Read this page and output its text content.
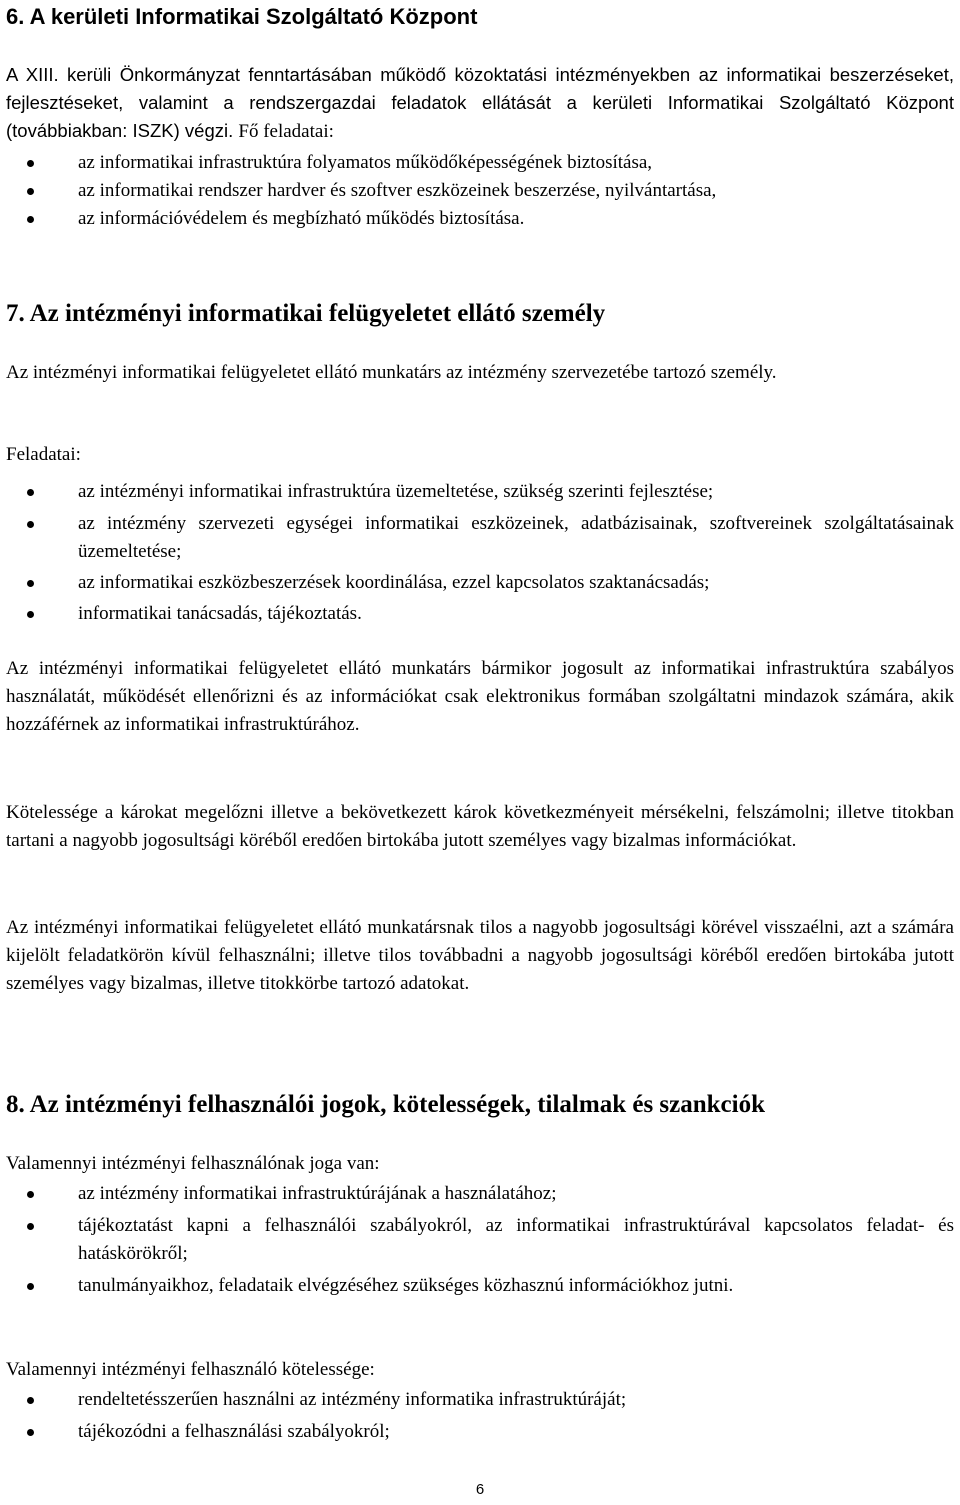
6. A kerületi Informatikai Szolgáltató Központ

A XIII. kerüli Önkormányzat fenntartásában működő közoktatási intézményekben az informatikai beszerzéseket, fejlesztéseket, valamint a rendszergazdai feladatok ellátását a kerületi Informatikai Szolgáltató Központ (továbbiakban: ISZK) végzi. Fő feladatai:

az informatikai infrastruktúra folyamatos működőképességének biztosítása,
az informatikai rendszer hardver és szoftver eszközeinek beszerzése, nyilvántartása,
az információvédelem és megbízható működés biztosítása.
7. Az intézményi informatikai felügyeletet ellátó személy

Az intézményi informatikai felügyeletet ellátó munkatárs az intézmény szervezetébe tartozó személy.

Feladatai:

az intézményi informatikai infrastruktúra üzemeltetése, szükség szerinti fejlesztése;
az intézmény szervezeti egységei informatikai eszközeinek, adatbázisainak, szoftvereinek szolgáltatásainak üzemeltetése;
az informatikai eszközbeszerzések koordinálása, ezzel kapcsolatos szaktanácsadás;
informatikai tanácsadás, tájékoztatás.

Az intézményi informatikai felügyeletet ellátó munkatárs bármikor jogosult az informatikai infrastruktúra szabályos használatát, működését ellenőrizni és az információkat csak elektronikus formában szolgáltatni mindazok számára, akik hozzáférnek az informatikai infrastruktúrához.

Kötelessége a károkat megelőzni illetve a bekövetkezett károk következményeit mérsékelni, felszámolni; illetve titokban tartani a nagyobb jogosultsági köréből eredően birtokába jutott személyes vagy bizalmas információkat.

Az intézményi informatikai felügyeletet ellátó munkatársnak tilos a nagyobb jogosultsági körével visszaélni, azt a számára kijelölt feladatkörön kívül felhasználni; illetve tilos továbbadni a nagyobb jogosultsági köréből eredően birtokába jutott személyes vagy bizalmas, illetve titokkörbe tartozó adatokat.

8. Az intézményi felhasználói jogok, kötelességek, tilalmak és szankciók

Valamennyi intézményi felhasználónak joga van:

az intézmény informatikai infrastruktúrájának a használatához;
tájékoztatást kapni a felhasználói szabályokról, az informatikai infrastruktúrával kapcsolatos feladat- és hatáskörökről;
tanulmányaikhoz, feladataik elvégzéséhez szükséges közhasznú információkhoz jutni.

Valamennyi intézményi felhasználó kötelessége:

rendeltetésszerűen használni az intézmény informatika infrastruktúráját;
tájékozódni a felhasználási szabályokról;
6
